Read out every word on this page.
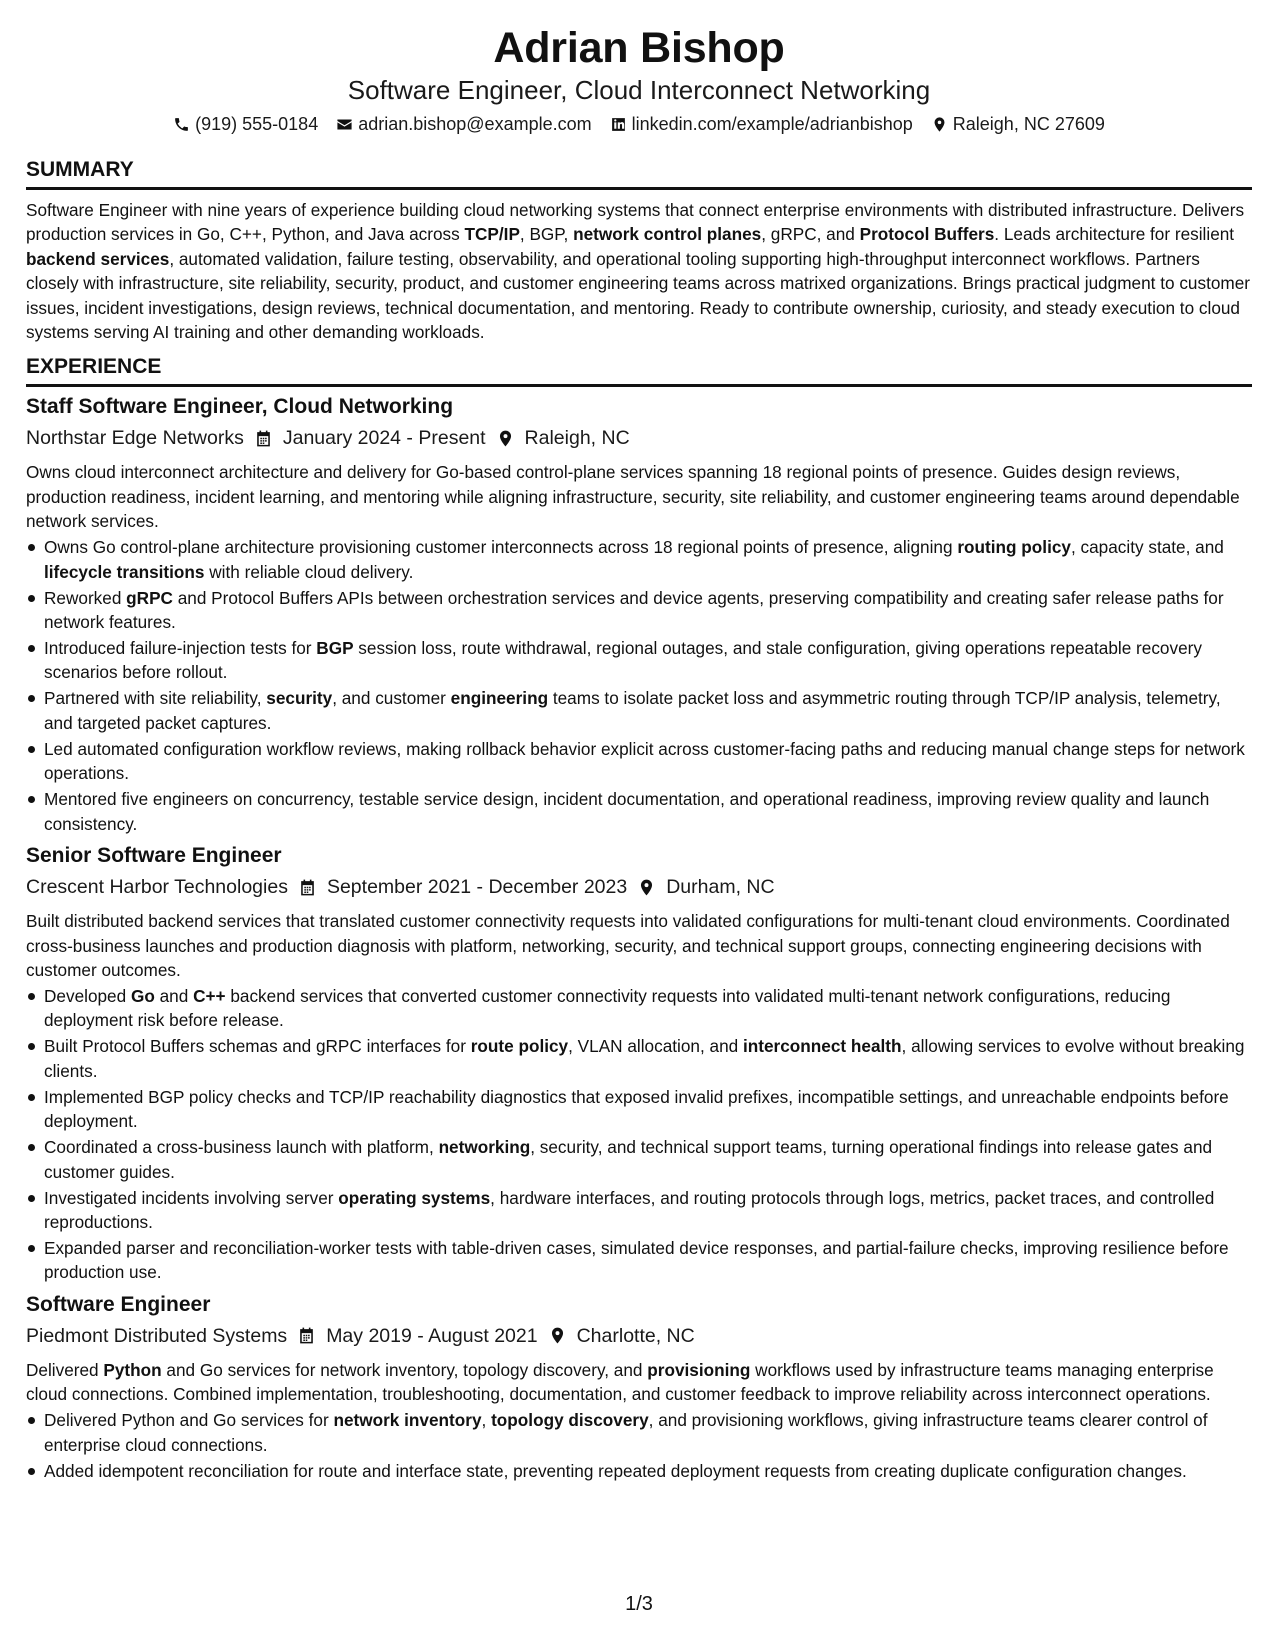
Adrian Bishop
Software Engineer, Cloud Interconnect Networking
(919) 555-0184 adrian.bishop@example.com linkedin.com/example/adrianbishop Raleigh, NC 27609
SUMMARY

Software Engineer with nine years of experience building cloud networking systems that connect enterprise environments with distributed infrastructure. Delivers production services in Go, C++, Python, and Java across TCP/IP, BGP, network control planes, gRPC, and Protocol Buffers. Leads architecture for resilient backend services, automated validation, failure testing, observability, and operational tooling supporting high-throughput interconnect workflows. Partners closely with infrastructure, site reliability, security, product, and customer engineering teams across matrixed organizations. Brings practical judgment to customer issues, incident investigations, design reviews, technical documentation, and mentoring. Ready to contribute ownership, curiosity, and steady execution to cloud systems serving AI training and other demanding workloads.

EXPERIENCE
Staff Software Engineer, Cloud Networking
Northstar Edge Networks January 2024 - Present Raleigh, NC

Owns cloud interconnect architecture and delivery for Go-based control-plane services spanning 18 regional points of presence. Guides design reviews, production readiness, incident learning, and mentoring while aligning infrastructure, security, site reliability, and customer engineering teams around dependable network services.

Owns Go control-plane architecture provisioning customer interconnects across 18 regional points of presence, aligning routing policy, capacity state, and lifecycle transitions with reliable cloud delivery.
Reworked gRPC and Protocol Buffers APIs between orchestration services and device agents, preserving compatibility and creating safer release paths for network features.
Introduced failure-injection tests for BGP session loss, route withdrawal, regional outages, and stale configuration, giving operations repeatable recovery scenarios before rollout.
Partnered with site reliability, security, and customer engineering teams to isolate packet loss and asymmetric routing through TCP/IP analysis, telemetry, and targeted packet captures.
Led automated configuration workflow reviews, making rollback behavior explicit across customer-facing paths and reducing manual change steps for network operations.
Mentored five engineers on concurrency, testable service design, incident documentation, and operational readiness, improving review quality and launch consistency.
Senior Software Engineer
Crescent Harbor Technologies September 2021 - December 2023 Durham, NC

Built distributed backend services that translated customer connectivity requests into validated configurations for multi-tenant cloud environments. Coordinated cross-business launches and production diagnosis with platform, networking, security, and technical support groups, connecting engineering decisions with customer outcomes.

Developed Go and C++ backend services that converted customer connectivity requests into validated multi-tenant network configurations, reducing deployment risk before release.
Built Protocol Buffers schemas and gRPC interfaces for route policy, VLAN allocation, and interconnect health, allowing services to evolve without breaking clients.
Implemented BGP policy checks and TCP/IP reachability diagnostics that exposed invalid prefixes, incompatible settings, and unreachable endpoints before deployment.
Coordinated a cross-business launch with platform, networking, security, and technical support teams, turning operational findings into release gates and customer guides.
Investigated incidents involving server operating systems, hardware interfaces, and routing protocols through logs, metrics, packet traces, and controlled reproductions.
Expanded parser and reconciliation-worker tests with table-driven cases, simulated device responses, and partial-failure checks, improving resilience before production use.
Software Engineer
Piedmont Distributed Systems May 2019 - August 2021 Charlotte, NC

Delivered Python and Go services for network inventory, topology discovery, and provisioning workflows used by infrastructure teams managing enterprise cloud connections. Combined implementation, troubleshooting, documentation, and customer feedback to improve reliability across interconnect operations.

Delivered Python and Go services for network inventory, topology discovery, and provisioning workflows, giving infrastructure teams clearer control of enterprise cloud connections.
Added idempotent reconciliation for route and interface state, preventing repeated deployment requests from creating duplicate configuration changes.
1/3
